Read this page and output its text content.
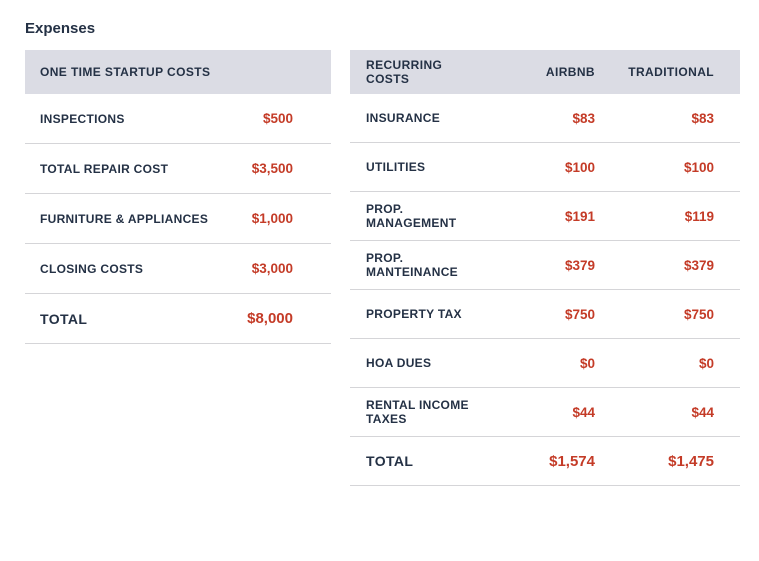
Expenses
ONE TIME STARTUP COSTS
INSPECTIONS	$500
TOTAL REPAIR COST	$3,500
FURNITURE & APPLIANCES	$1,000
CLOSING COSTS	$3,000
TOTAL	$8,000
RECURRING COSTS	AIRBNB	TRADITIONAL
INSURANCE	$83	$83
UTILITIES	$100	$100
PROP. MANAGEMENT	$191	$119
PROP. MANTEINANCE	$379	$379
PROPERTY TAX	$750	$750
HOA DUES	$0	$0
RENTAL INCOME TAXES	$44	$44
TOTAL	$1,574	$1,475
